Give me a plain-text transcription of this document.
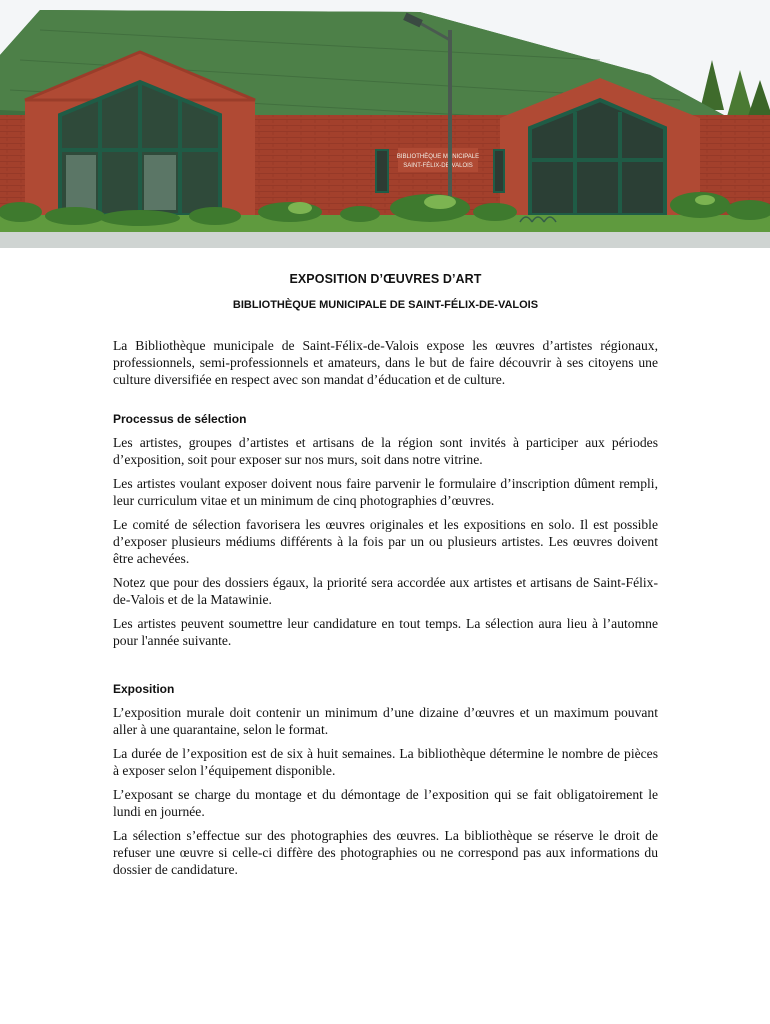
BIBLIOTHÈQUE MUNICIPALE
SAINT-FÉLIX-DE-VALOIS
EXPOSITION D’ŒUVRES D’ART
BIBLIOTHÈQUE MUNICIPALE DE SAINT-FÉLIX-DE-VALOIS

La Bibliothèque municipale de Saint-Félix-de-Valois expose les œuvres d’artistes régionaux, professionnels, semi-professionnels et amateurs, dans le but de faire découvrir à ses citoyens une culture diversifiée en respect avec son mandat d’éducation et de culture.

Processus de sélection

Les artistes, groupes d’artistes et artisans de la région sont invités à participer aux périodes d’exposition, soit pour exposer sur nos murs, soit dans notre vitrine.

Les artistes voulant exposer doivent nous faire parvenir le formulaire d’inscription dûment rempli, leur curriculum vitae et un minimum de cinq photographies d’œuvres.

Le comité de sélection favorisera les œuvres originales et les expositions en solo. Il est possible d’exposer plusieurs médiums différents à la fois par un ou plusieurs artistes. Les œuvres doivent être achevées.

Notez que pour des dossiers égaux, la priorité sera accordée aux artistes et artisans de Saint-Félix-de-Valois et de la Matawinie.

Les artistes peuvent soumettre leur candidature en tout temps. La sélection aura lieu à l’automne pour l'année suivante.

Exposition

L’exposition murale doit contenir un minimum d’une dizaine d’œuvres et un maximum pouvant aller à une quarantaine, selon le format.

La durée de l’exposition est de six à huit semaines. La bibliothèque détermine le nombre de pièces à exposer selon l’équipement disponible.

L’exposant se charge du montage et du démontage de l’exposition qui se fait obligatoirement le lundi en journée.

La sélection s’effectue sur des photographies des œuvres. La bibliothèque se réserve le droit de refuser une œuvre si celle-ci diffère des photographies ou ne correspond pas aux informations du dossier de candidature.
